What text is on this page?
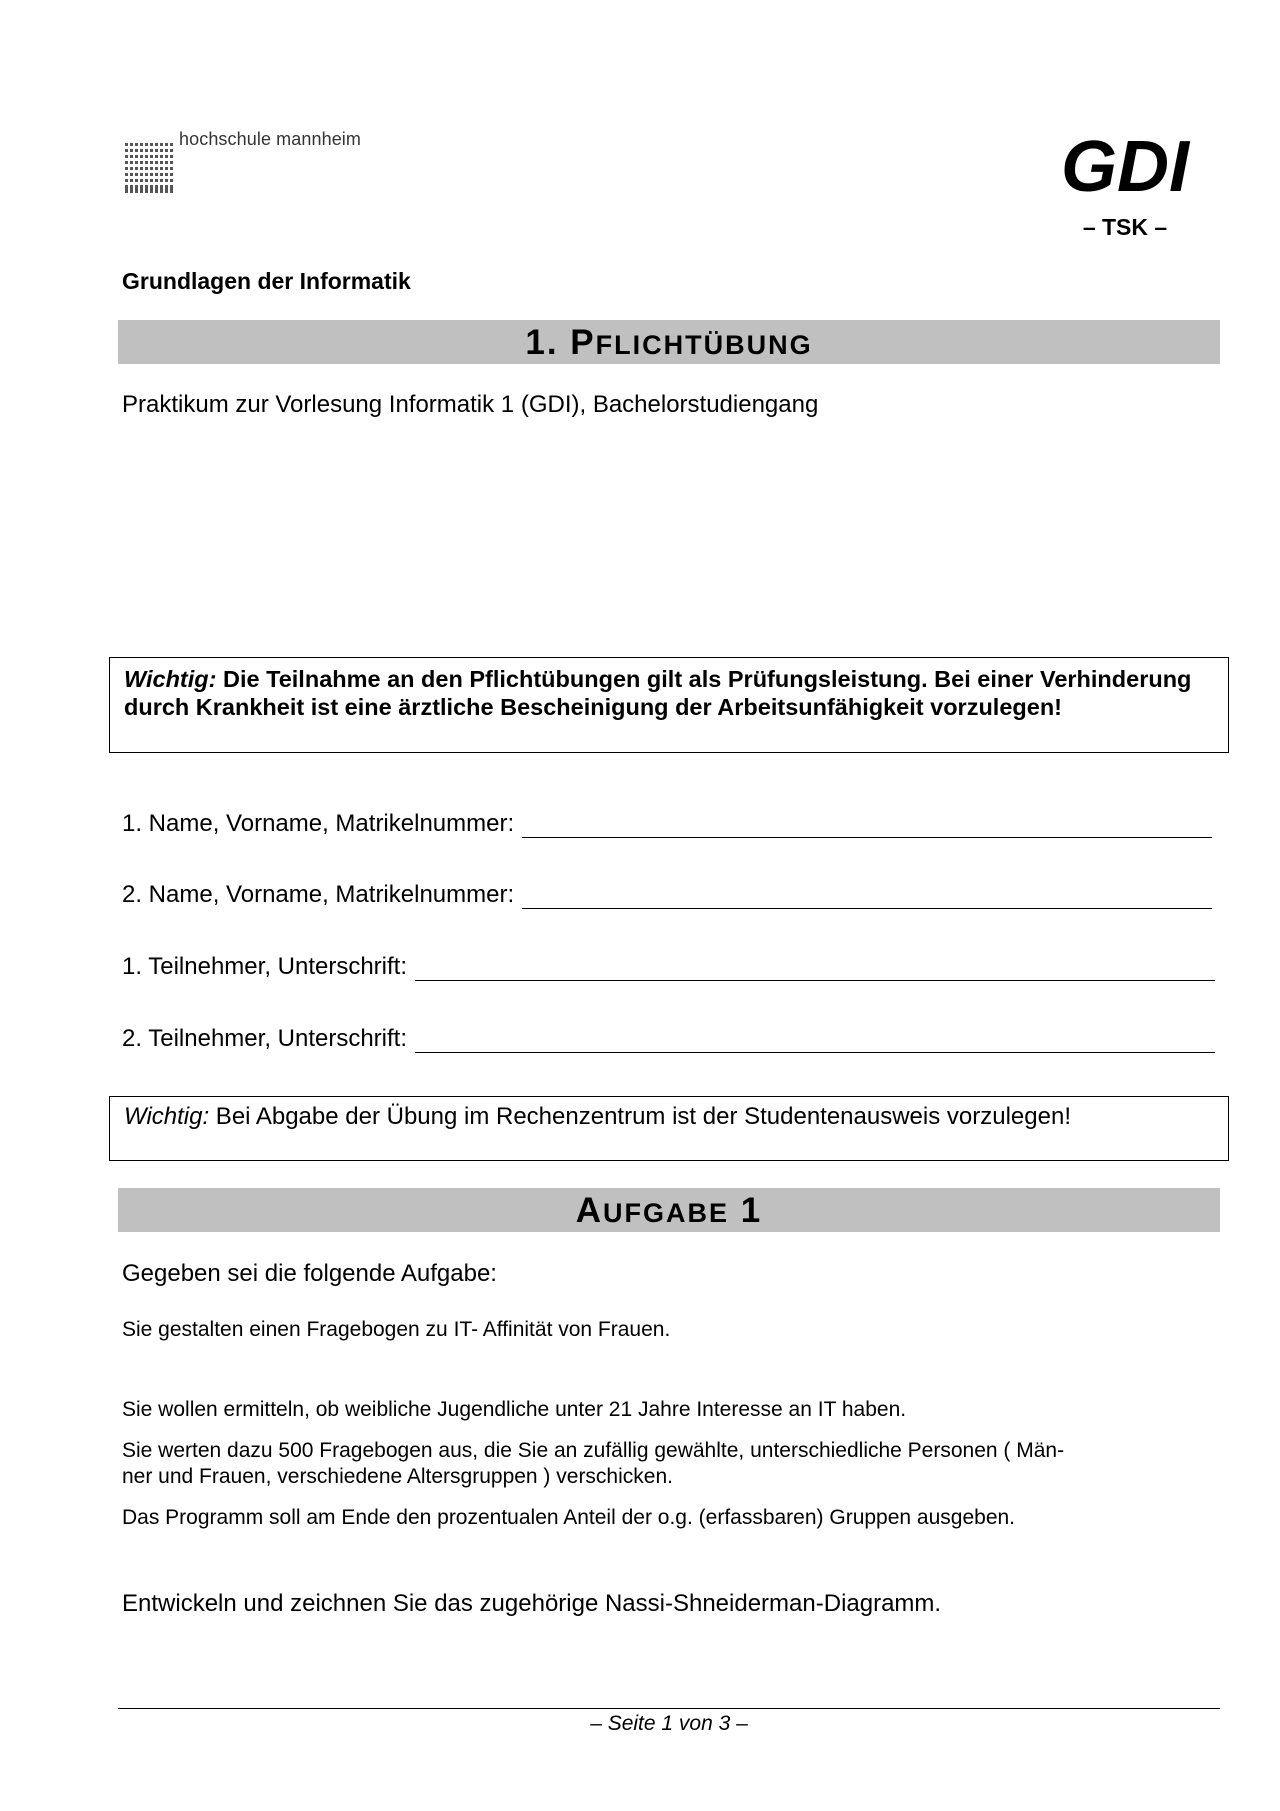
hochschule mannheim	GDI
– TSK –
Grundlagen der Informatik
1. PFLICHTÜBUNG
Praktikum zur Vorlesung Informatik 1 (GDI), Bachelorstudiengang
Wichtig: Die Teilnahme an den Pflichtübungen gilt als Prüfungsleistung. Bei einer Verhinderung durch Krankheit ist eine ärztliche Bescheinigung der Arbeitsunfähigkeit vorzulegen!
1. Name, Vorname, Matrikelnummer:
2. Name, Vorname, Matrikelnummer:
1. Teilnehmer, Unterschrift:
2. Teilnehmer, Unterschrift:
Wichtig: Bei Abgabe der Übung im Rechenzentrum ist der Studentenausweis vorzulegen!
AUFGABE 1
Gegeben sei die folgende Aufgabe:
Sie gestalten einen Fragebogen zu IT- Affinität von Frauen.
Sie wollen ermitteln, ob weibliche Jugendliche unter 21 Jahre Interesse an IT haben.
Sie werten dazu 500 Fragebogen aus, die Sie an zufällig gewählte, unterschiedliche Personen ( Män-
ner und Frauen, verschiedene Altersgruppen ) verschicken.
Das Programm soll am Ende den prozentualen Anteil der o.g. (erfassbaren) Gruppen ausgeben.
Entwickeln und zeichnen Sie das zugehörige Nassi-Shneiderman-Diagramm.
– Seite 1 von 3 –
